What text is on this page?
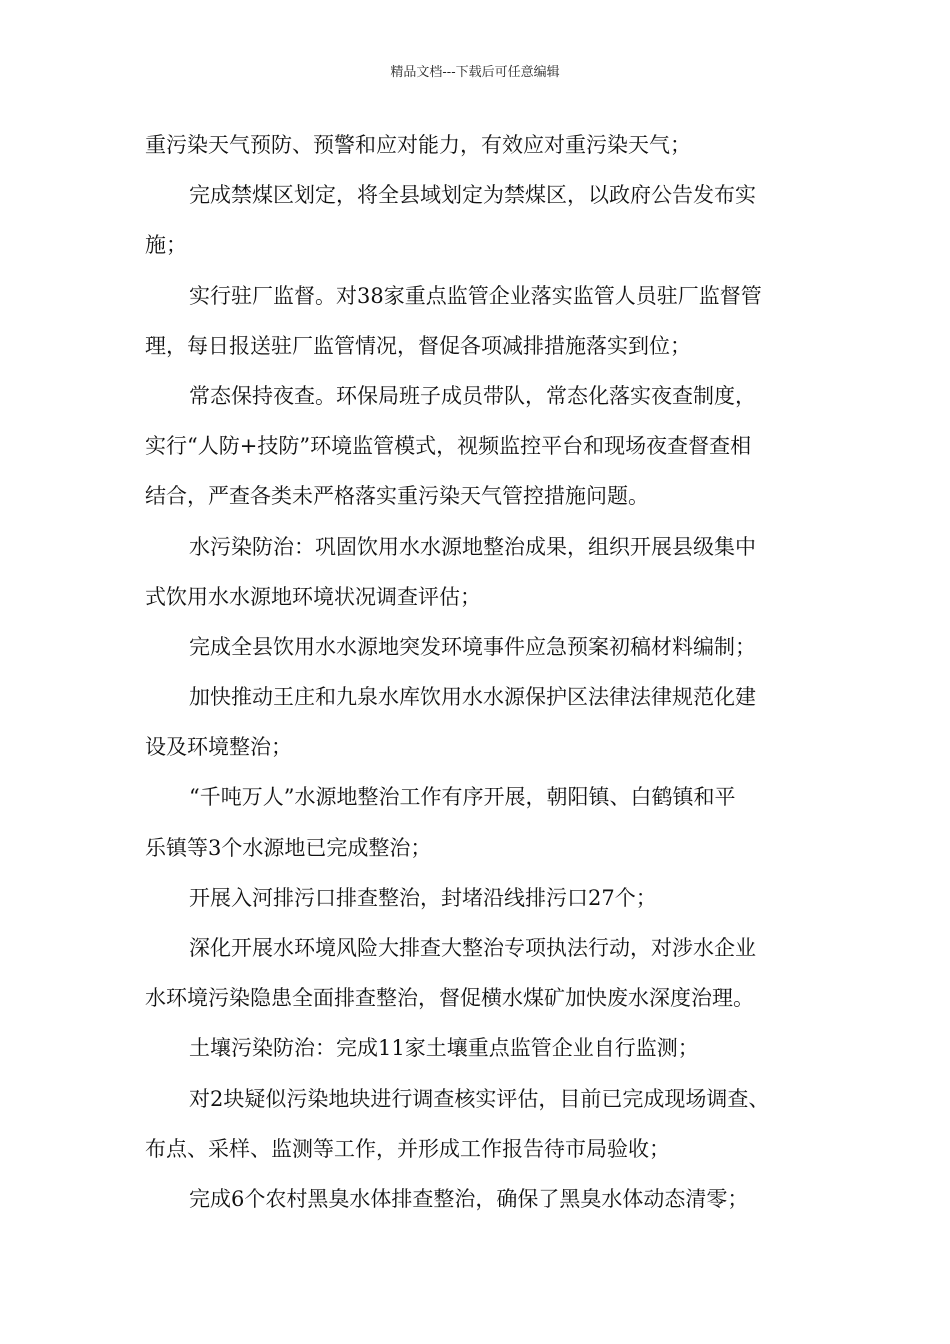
精品文档---下载后可任意编辑
重污染天气预防、预警和应对能力，有效应对重污染天气；
完成禁煤区划定，将全县域划定为禁煤区，以政府公告发布实
施；
实行驻厂监督。对38家重点监管企业落实监管人员驻厂监督管
理，每日报送驻厂监管情况，督促各项减排措施落实到位；
常态保持夜查。环保局班子成员带队，常态化落实夜查制度，
实行“人防+技防”环境监管模式，视频监控平台和现场夜查督查相
结合，严查各类未严格落实重污染天气管控措施问题。
水污染防治：巩固饮用水水源地整治成果，组织开展县级集中
式饮用水水源地环境状况调查评估；
完成全县饮用水水源地突发环境事件应急预案初稿材料编制；
加快推动王庄和九泉水库饮用水水源保护区法律法律规范化建
设及环境整治；
“千吨万人”水源地整治工作有序开展，朝阳镇、白鹤镇和平
乐镇等3个水源地已完成整治；
开展入河排污口排查整治，封堵沿线排污口27个；
深化开展水环境风险大排查大整治专项执法行动，对涉水企业
水环境污染隐患全面排查整治，督促横水煤矿加快废水深度治理。
土壤污染防治：完成11家土壤重点监管企业自行监测；
对2块疑似污染地块进行调查核实评估，目前已完成现场调查、
布点、采样、监测等工作，并形成工作报告待市局验收；
完成6个农村黑臭水体排查整治，确保了黑臭水体动态清零；
